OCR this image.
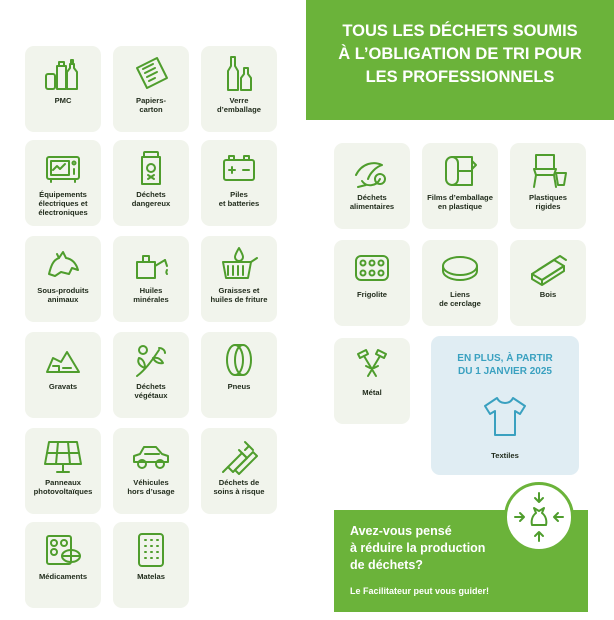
PMC	Papiers-
carton
Verre
d’emballage
Équipements
électriques et
électroniques
Déchets
dangereux
Piles
et batteries
Sous-produits
animaux
Huiles
minérales
Graisses et
huiles de friture
Gravats	Déchets
végétaux
Pneus
Panneaux
photovoltaïques
Véhicules
hors d’usage
Déchets de
soins à risque
Médicaments	Matelas
TOUS LES DÉCHETS SOUMIS
À L’OBLIGATION DE TRI POUR
LES PROFESSIONNELS
Déchets
alimentaires
Films d’emballage
en plastique
Plastiques
rigides
Frigolite	Liens
de cerclage
Bois
Métal
EN PLUS, À PARTIR
DU 1 JANVIER 2025
Textiles
Avez-vous pensé
à réduire la production
de déchets?
Le Facilitateur peut vous guider!
